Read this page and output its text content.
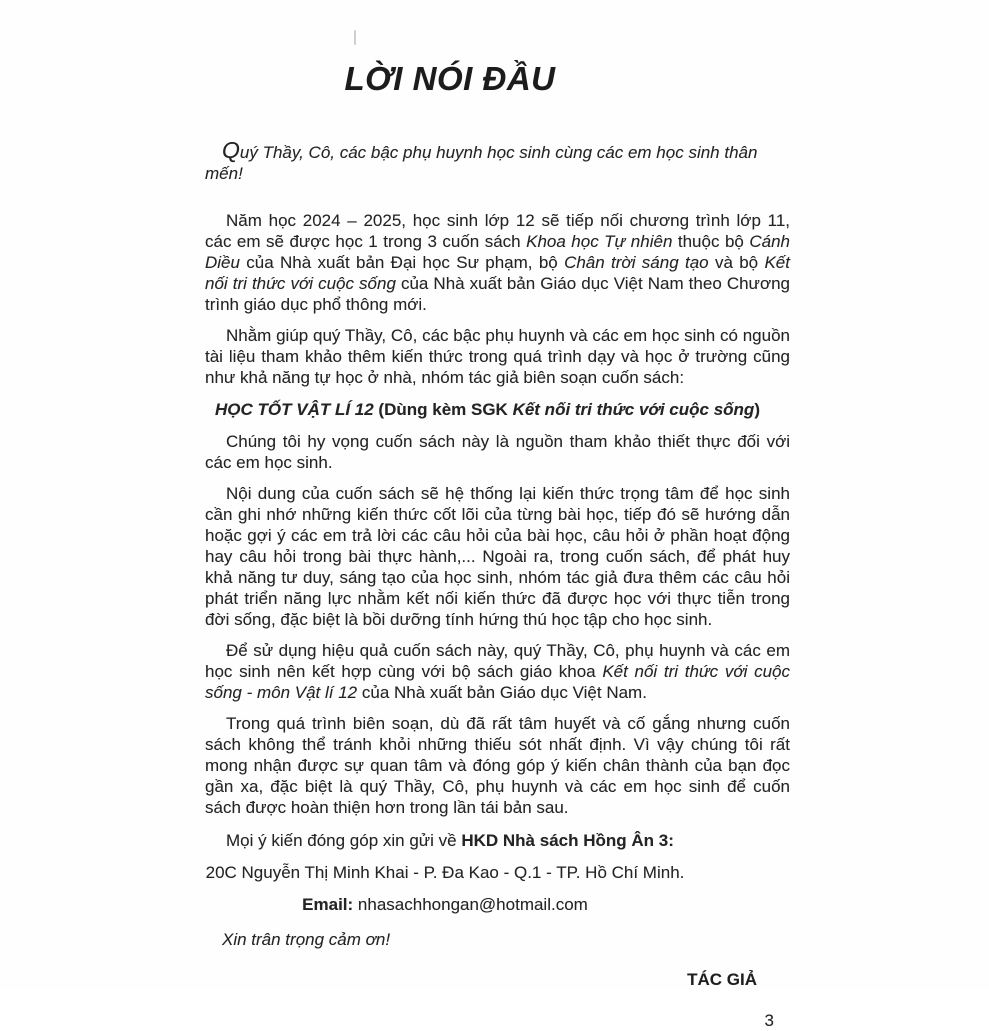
LỜI NÓI ĐẦU

Quý Thầy, Cô, các bậc phụ huynh học sinh cùng các em học sinh thân mến!

Năm học 2024 – 2025, học sinh lớp 12 sẽ tiếp nối chương trình lớp 11, các em sẽ được học 1 trong 3 cuốn sách Khoa học Tự nhiên thuộc bộ Cánh Diều của Nhà xuất bản Đại học Sư phạm, bộ Chân trời sáng tạo và bộ Kết nối tri thức với cuộc sống của Nhà xuất bản Giáo dục Việt Nam theo Chương trình giáo dục phổ thông mới.

Nhằm giúp quý Thầy, Cô, các bậc phụ huynh và các em học sinh có nguồn tài liệu tham khảo thêm kiến thức trong quá trình dạy và học ở trường cũng như khả năng tự học ở nhà, nhóm tác giả biên soạn cuốn sách:

HỌC TỐT VẬT LÍ 12 (Dùng kèm SGK Kết nối tri thức với cuộc sống)

Chúng tôi hy vọng cuốn sách này là nguồn tham khảo thiết thực đối với các em học sinh.

Nội dung của cuốn sách sẽ hệ thống lại kiến thức trọng tâm để học sinh cần ghi nhớ những kiến thức cốt lõi của từng bài học, tiếp đó sẽ hướng dẫn hoặc gợi ý các em trả lời các câu hỏi của bài học, câu hỏi ở phần hoạt động hay câu hỏi trong bài thực hành,... Ngoài ra, trong cuốn sách, để phát huy khả năng tư duy, sáng tạo của học sinh, nhóm tác giả đưa thêm các câu hỏi phát triển năng lực nhằm kết nối kiến thức đã được học với thực tiễn trong đời sống, đặc biệt là bồi dưỡng tính hứng thú học tập cho học sinh.

Để sử dụng hiệu quả cuốn sách này, quý Thầy, Cô, phụ huynh và các em học sinh nên kết hợp cùng với bộ sách giáo khoa Kết nối tri thức với cuộc sống - môn Vật lí 12 của Nhà xuất bản Giáo dục Việt Nam.

Trong quá trình biên soạn, dù đã rất tâm huyết và cố gắng nhưng cuốn sách không thể tránh khỏi những thiếu sót nhất định. Vì vậy chúng tôi rất mong nhận được sự quan tâm và đóng góp ý kiến chân thành của bạn đọc gần xa, đặc biệt là quý Thầy, Cô, phụ huynh và các em học sinh để cuốn sách được hoàn thiện hơn trong lần tái bản sau.

Mọi ý kiến đóng góp xin gửi về HKD Nhà sách Hồng Ân 3:

20C Nguyễn Thị Minh Khai - P. Đa Kao - Q.1 - TP. Hồ Chí Minh.

Email: nhasachhongan@hotmail.com

Xin trân trọng cảm ơn!

TÁC GIẢ

3
